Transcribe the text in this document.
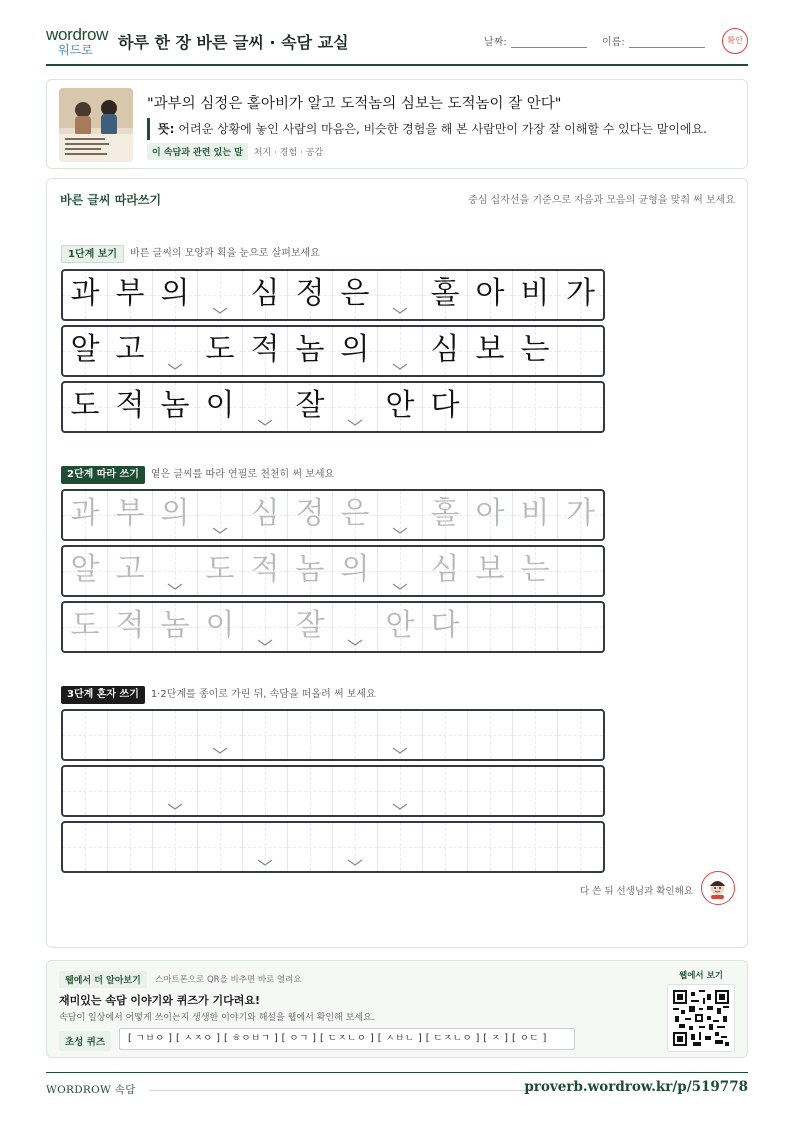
wordrow
워드로	하루 한 장 바른 글씨 · 속담 교실	날짜:	이름:	확인
"과부의 심정은 홀아비가 알고 도적놈의 심보는 도적놈이 잘 안다"
뜻: 어려운 상황에 놓인 사람의 마음은, 비슷한 경험을 해 본 사람만이 가장 잘 이해할 수 있다는 말이에요.
이 속담과 관련 있는 말 처지 · 경험 · 공감
바른 글씨 따라쓰기	중심 십자선을 기준으로 자음과 모음의 균형을 맞춰 써 보세요
1단계 보기 바른 글씨의 모양과 획을 눈으로 살펴보세요
과 부 의 심 정 은 홀 아 비 가
알 고 도 적 놈 의 심 보 는
도 적 놈 이 잘 안 다
2단계 따라 쓰기 옅은 글씨를 따라 연필로 천천히 써 보세요
과 부 의 심 정 은 홀 아 비 가
알 고 도 적 놈 의 심 보 는
도 적 놈 이 잘 안 다
3단계 혼자 쓰기 1·2단계를 종이로 가린 뒤, 속담을 떠올려 써 보세요
다 쓴 뒤 선생님과 확인해요
웹에서 더 알아보기	스마트폰으로 QR을 비추면 바로 열려요
재미있는 속담 이야기와 퀴즈가 기다려요!
속담이 일상에서 어떻게 쓰이는지 생생한 이야기와 해설을 웹에서 확인해 보세요.
초성 퀴즈	[ ㄱㅂㅇ ] [ ㅅㅈㅇ ] [ ㅎㅇㅂㄱ ] [ ㅇㄱ ] [ ㄷㅈㄴㅇ ] [ ㅅㅂㄴ ] [ ㄷㅈㄴㅇ ] [ ㅈ ] [ ㅇㄷ ]
웹에서 보기
WORDROW 속담	proverb.wordrow.kr/p/519778
